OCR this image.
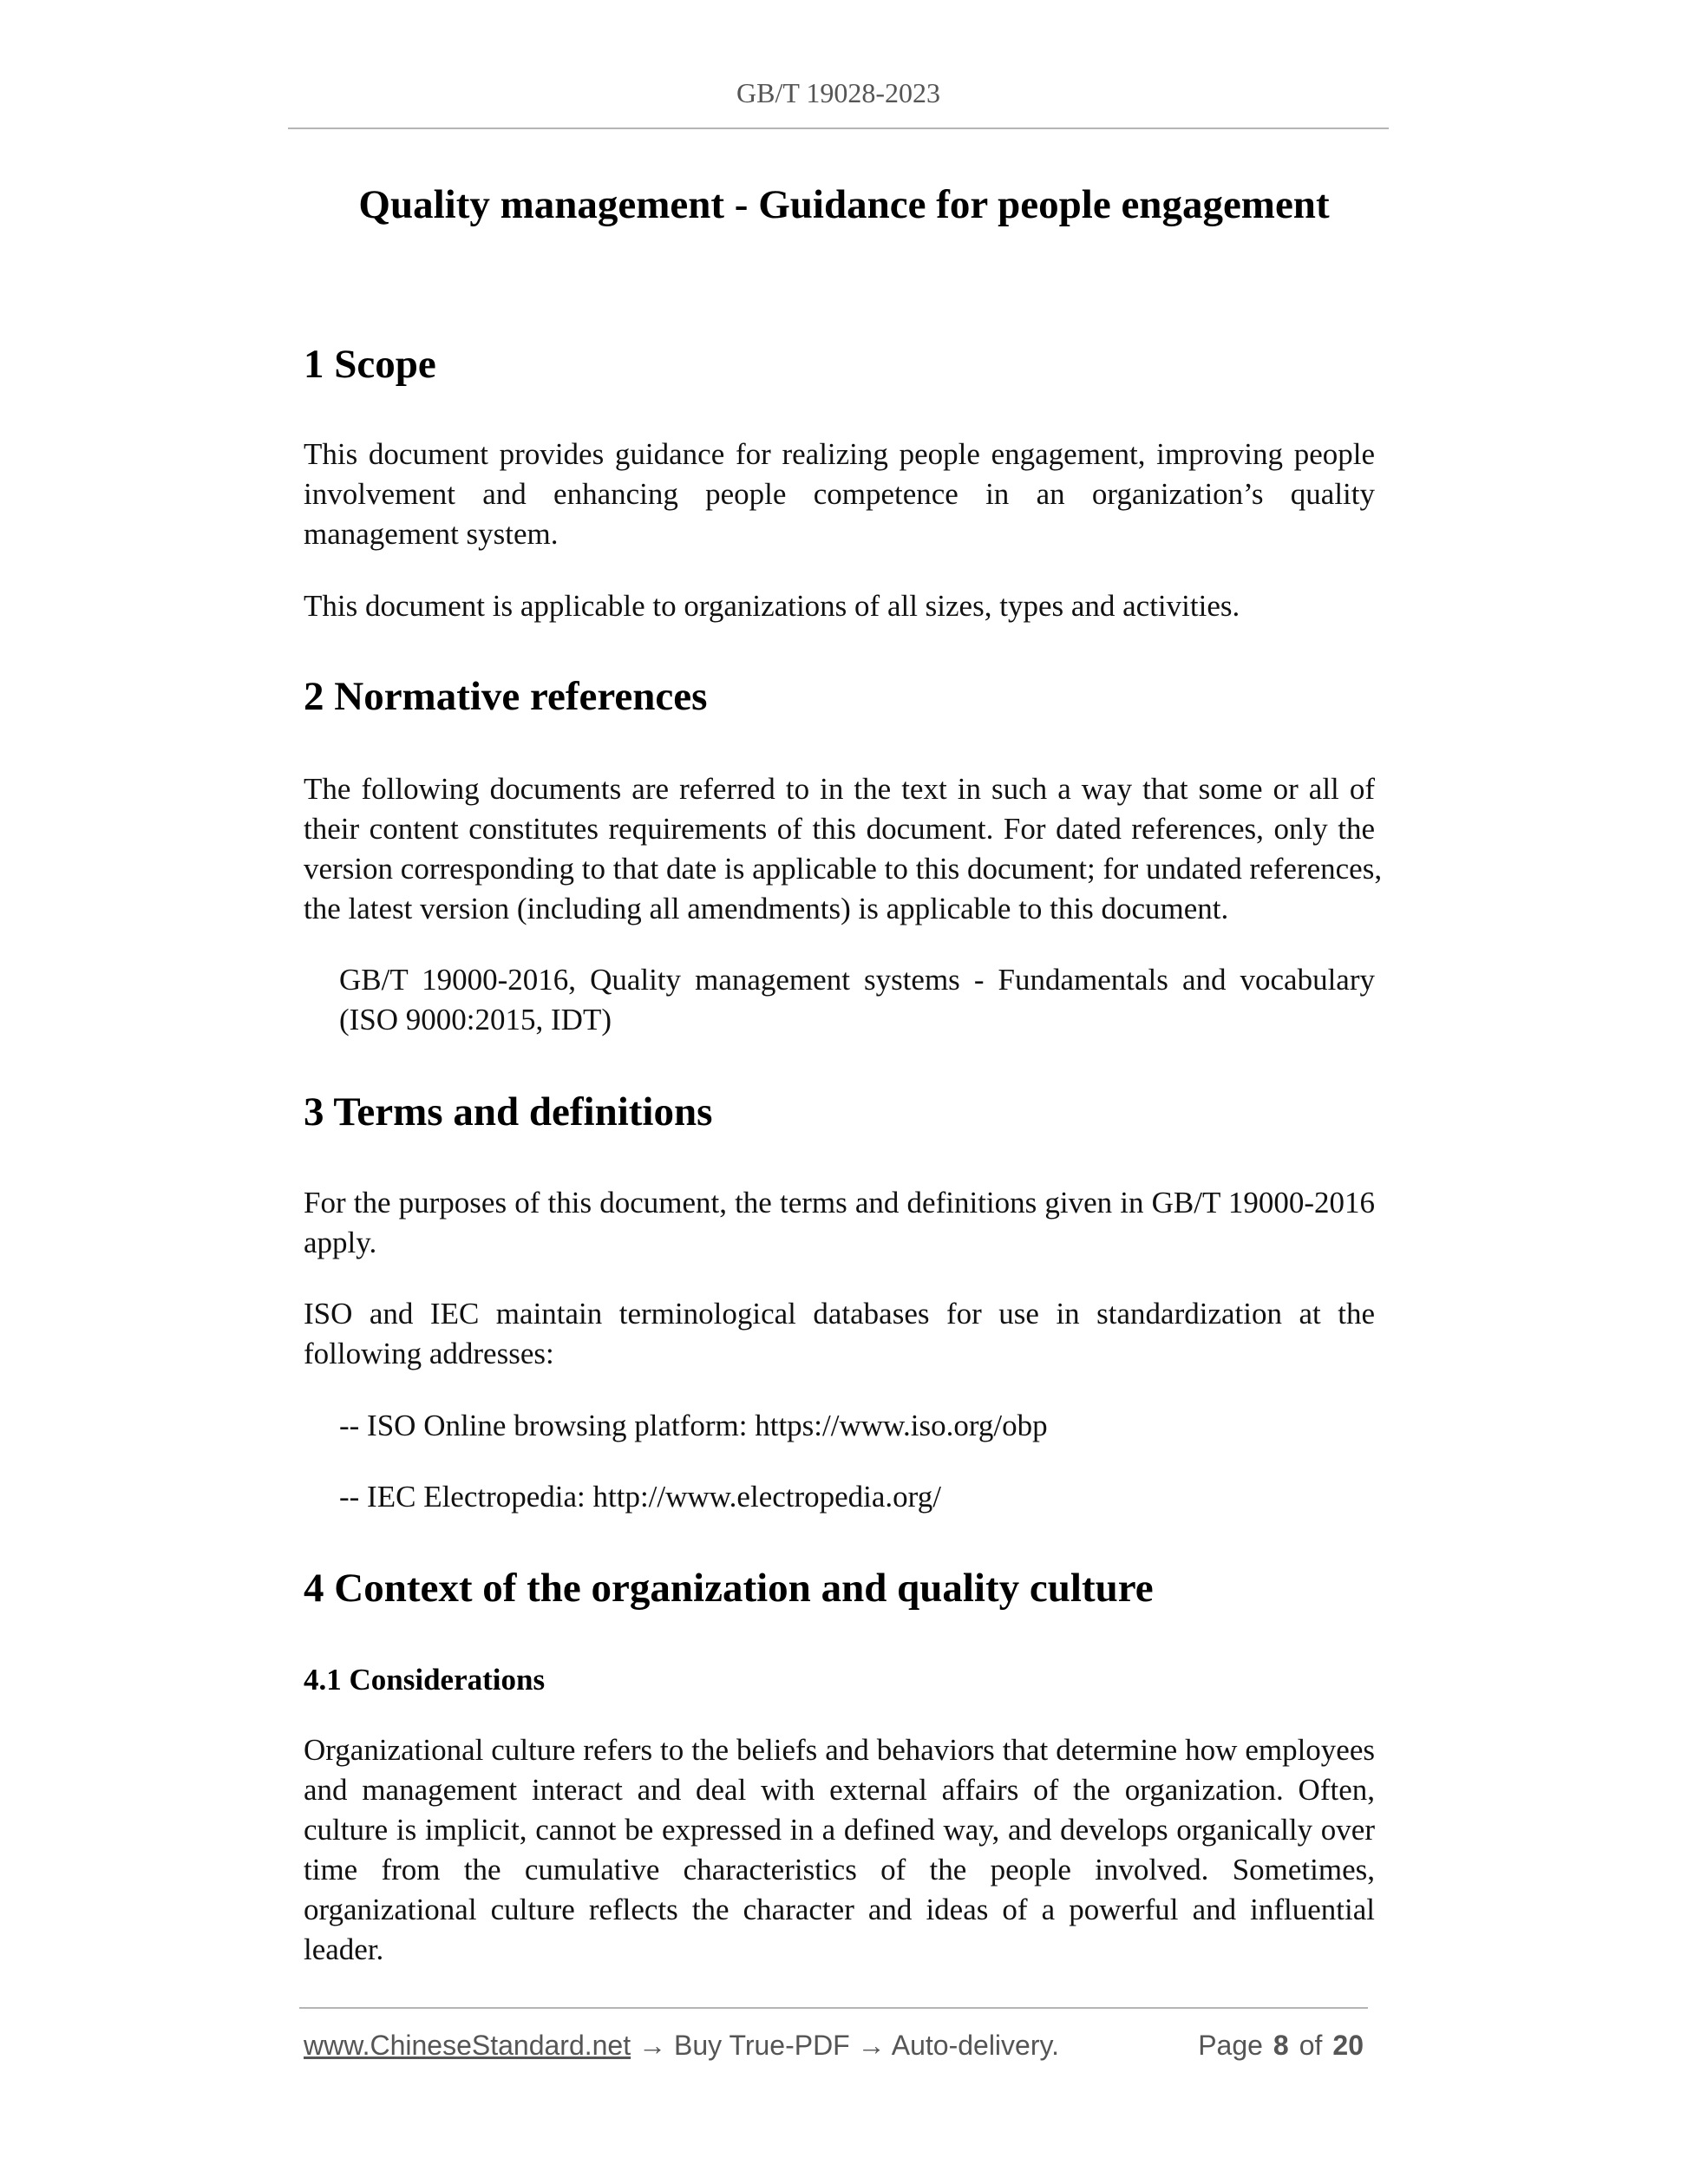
GB/T 19028-2023
Quality management - Guidance for people engagement
1 Scope
This document provides guidance for realizing people engagement, improving people
involvement and enhancing people competence in an organization’s quality
management system.
This document is applicable to organizations of all sizes, types and activities.
2 Normative references
The following documents are referred to in the text in such a way that some or all of
their content constitutes requirements of this document. For dated references, only the
version corresponding to that date is applicable to this document; for undated references,
the latest version (including all amendments) is applicable to this document.
GB/T 19000-2016, Quality management systems - Fundamentals and vocabulary
(ISO 9000:2015, IDT)
3 Terms and definitions
For the purposes of this document, the terms and definitions given in GB/T 19000-2016
apply.
ISO and IEC maintain terminological databases for use in standardization at the
following addresses:
-- ISO Online browsing platform: https://www.iso.org/obp
-- IEC Electropedia: http://www.electropedia.org/
4 Context of the organization and quality culture
4.1 Considerations
Organizational culture refers to the beliefs and behaviors that determine how employees
and management interact and deal with external affairs of the organization. Often,
culture is implicit, cannot be expressed in a defined way, and develops organically over
time from the cumulative characteristics of the people involved. Sometimes,
organizational culture reflects the character and ideas of a powerful and influential
leader.
www.ChineseStandard.net → Buy True-PDF → Auto-delivery.	Page 8 of 20
